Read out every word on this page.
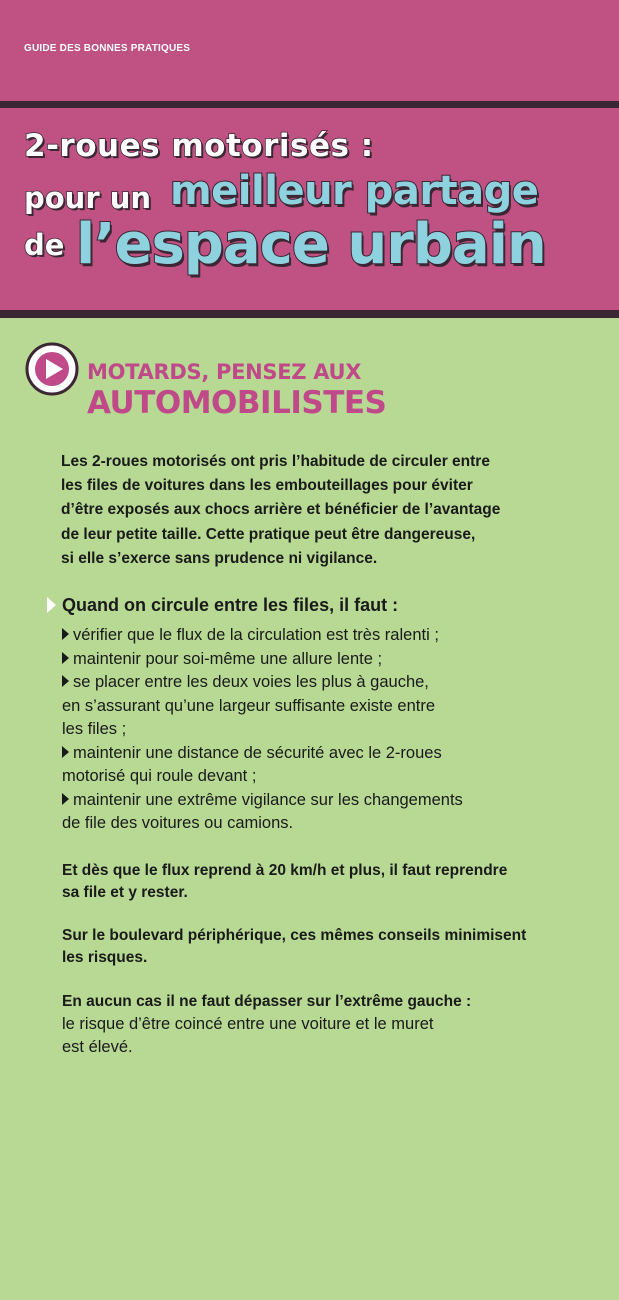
GUIDE DES BONNES PRATIQUES
2-roues motorisés :
pour un meilleur partage
de l’espace urbain
MOTARDS, PENSEZ AUX
AUTOMOBILISTES
Les 2-roues motorisés ont pris l’habitude de circuler entre
les files de voitures dans les embouteillages pour éviter
d’être exposés aux chocs arrière et bénéficier de l’avantage
de leur petite taille. Cette pratique peut être dangereuse,
si elle s’exerce sans prudence ni vigilance.
Quand on circule entre les files, il faut :
vérifier que le flux de la circulation est très ralenti ;
maintenir pour soi-même une allure lente ;
se placer entre les deux voies les plus à gauche,
en s’assurant qu’une largeur suffisante existe entre
les files ;
maintenir une distance de sécurité avec le 2-roues
motorisé qui roule devant ;
maintenir une extrême vigilance sur les changements
de file des voitures ou camions.
Et dès que le flux reprend à 20 km/h et plus, il faut reprendre
sa file et y rester.
Sur le boulevard périphérique, ces mêmes conseils minimisent
les risques.
En aucun cas il ne faut dépasser sur l’extrême gauche :
le risque d’être coincé entre une voiture et le muret
est élevé.
